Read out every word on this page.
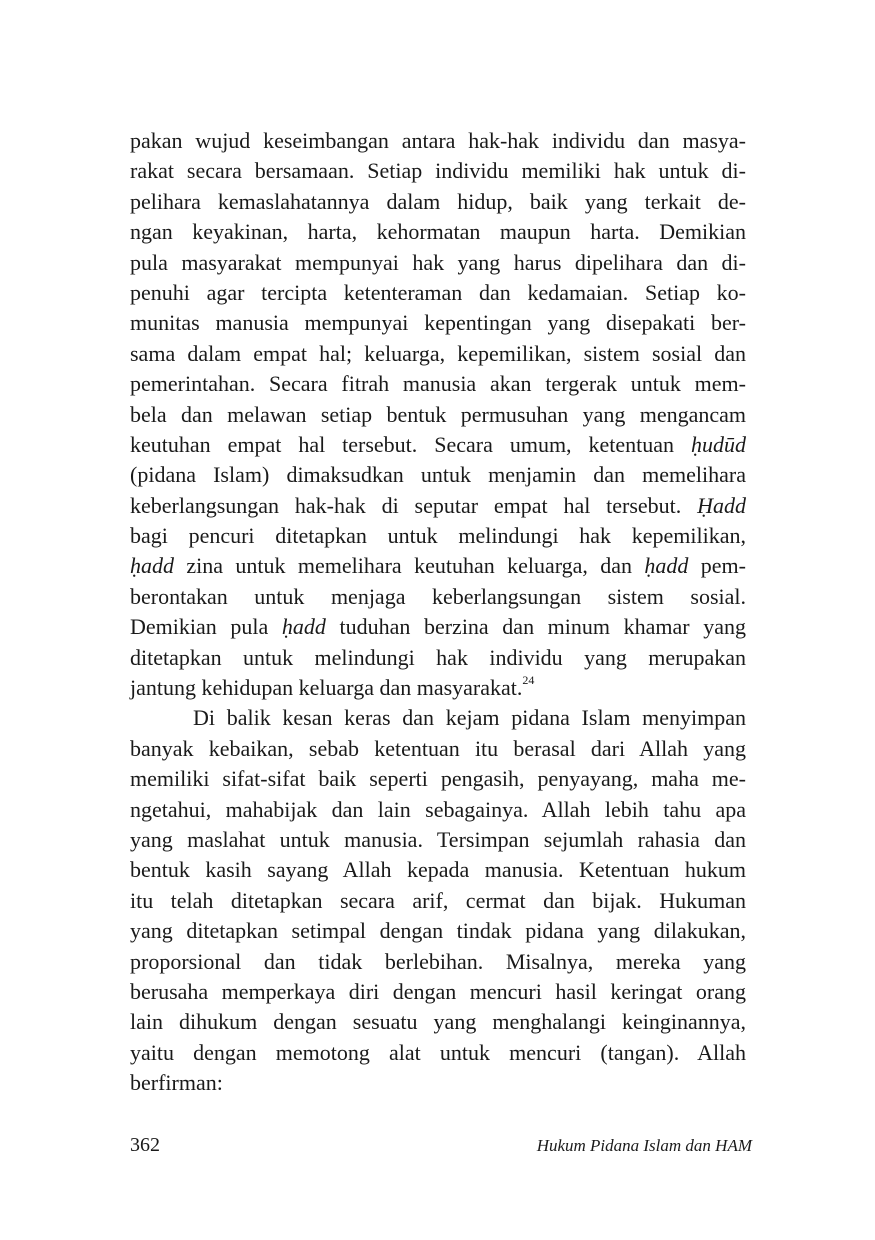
pakan wujud keseimbangan antara hak-hak individu dan masya-
rakat secara bersamaan. Setiap individu memiliki hak untuk di-
pelihara kemaslahatannya dalam hidup, baik yang terkait de-
ngan keyakinan, harta, kehormatan maupun harta. Demikian
pula masyarakat mempunyai hak yang harus dipelihara dan di-
penuhi agar tercipta ketenteraman dan kedamaian. Setiap ko-
munitas manusia mempunyai kepentingan yang disepakati ber-
sama dalam empat hal; keluarga, kepemilikan, sistem sosial dan
pemerintahan. Secara fitrah manusia akan tergerak untuk mem-
bela dan melawan setiap bentuk permusuhan yang mengancam
keutuhan empat hal tersebut. Secara umum, ketentuan ḥudūd
(pidana Islam) dimaksudkan untuk menjamin dan memelihara
keberlangsungan hak-hak di seputar empat hal tersebut. Ḥadd
bagi pencuri ditetapkan untuk melindungi hak kepemilikan,
ḥadd zina untuk memelihara keutuhan keluarga, dan ḥadd pem-
berontakan untuk menjaga keberlangsungan sistem sosial.
Demikian pula ḥadd tuduhan berzina dan minum khamar yang
ditetapkan untuk melindungi hak individu yang merupakan
jantung kehidupan keluarga dan masyarakat.$^{24}$
Di balik kesan keras dan kejam pidana Islam menyimpan
banyak kebaikan, sebab ketentuan itu berasal dari Allah yang
memiliki sifat-sifat baik seperti pengasih, penyayang, maha me-
ngetahui, mahabijak dan lain sebagainya. Allah lebih tahu apa
yang maslahat untuk manusia. Tersimpan sejumlah rahasia dan
bentuk kasih sayang Allah kepada manusia. Ketentuan hukum
itu telah ditetapkan secara arif, cermat dan bijak. Hukuman
yang ditetapkan setimpal dengan tindak pidana yang dilakukan,
proporsional dan tidak berlebihan. Misalnya, mereka yang
berusaha memperkaya diri dengan mencuri hasil keringat orang
lain dihukum dengan sesuatu yang menghalangi keinginannya,
yaitu dengan memotong alat untuk mencuri (tangan). Allah
berfirman:
362	Hukum Pidana Islam dan HAM
